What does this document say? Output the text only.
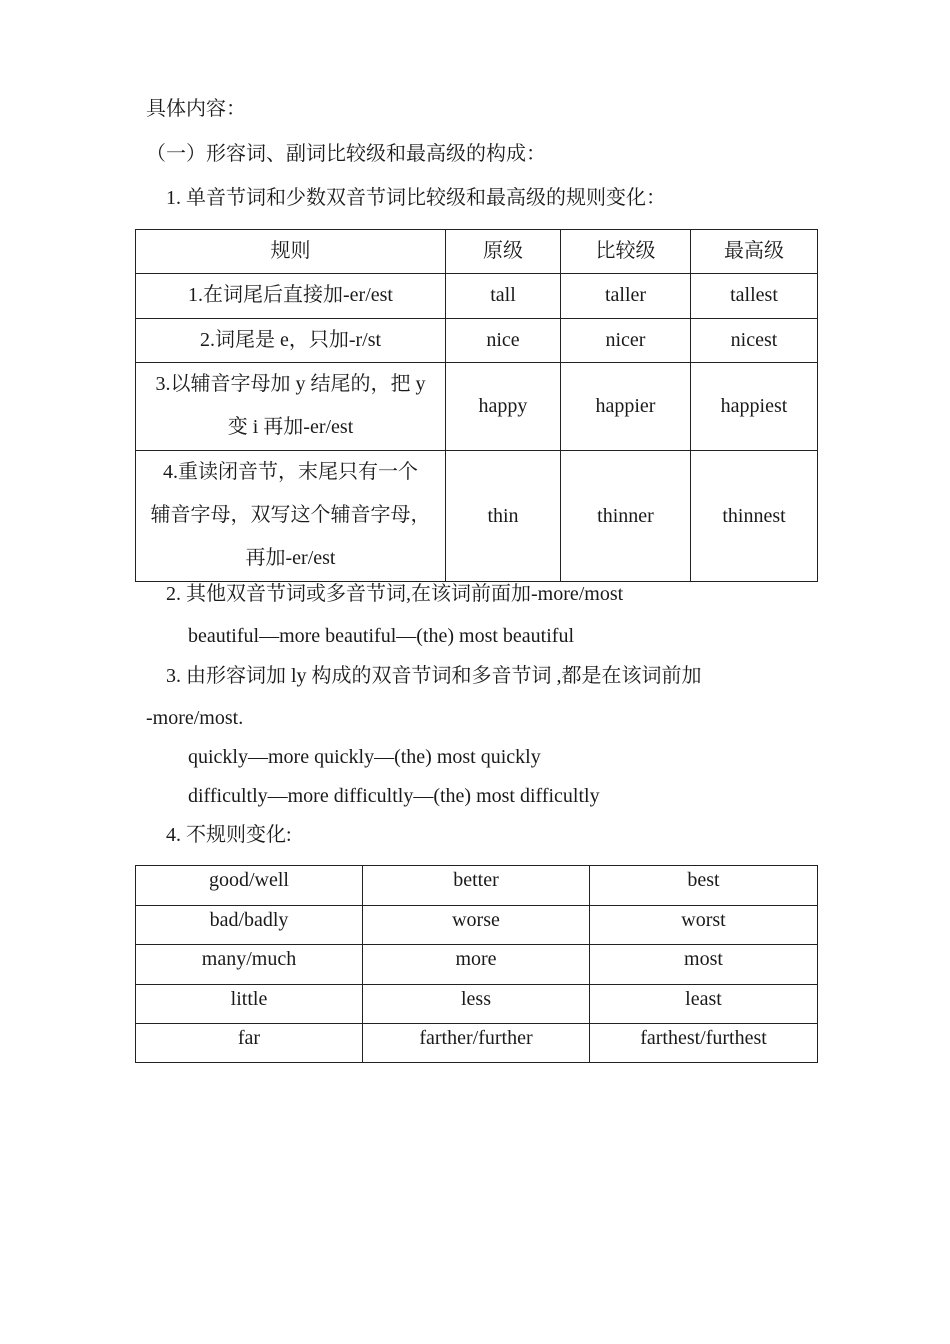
具体内容：
（一）形容词、副词比较级和最高级的构成：
1. 单音节词和少数双音节词比较级和最高级的规则变化：
规则	原级	比较级	最高级

1.在词尾后直接加-er/est	tall	taller	tallest

2.词尾是 e，只加-r/st	nice	nicer	nicest

3.以辅音字母加 y 结尾的，把 y
变 i 再加-er/est	happy	happier	happiest

4.重读闭音节，末尾只有一个
辅音字母，双写这个辅音字母，
再加-er/est	thin	thinner	thinnest
2. 其他双音节词或多音节词,在该词前面加-more/most
beautiful—more beautiful—(the) most beautiful
3. 由形容词加 ly 构成的双音节词和多音节词 ,都是在该词前加
-more/most.
quickly—more quickly—(the) most quickly
difficultly—more difficultly—(the) most difficultly
4. 不规则变化:
good/well	better	best
bad/badly	worse	worst
many/much	more	most
little	less	least
far	farther/further	farthest/furthest
